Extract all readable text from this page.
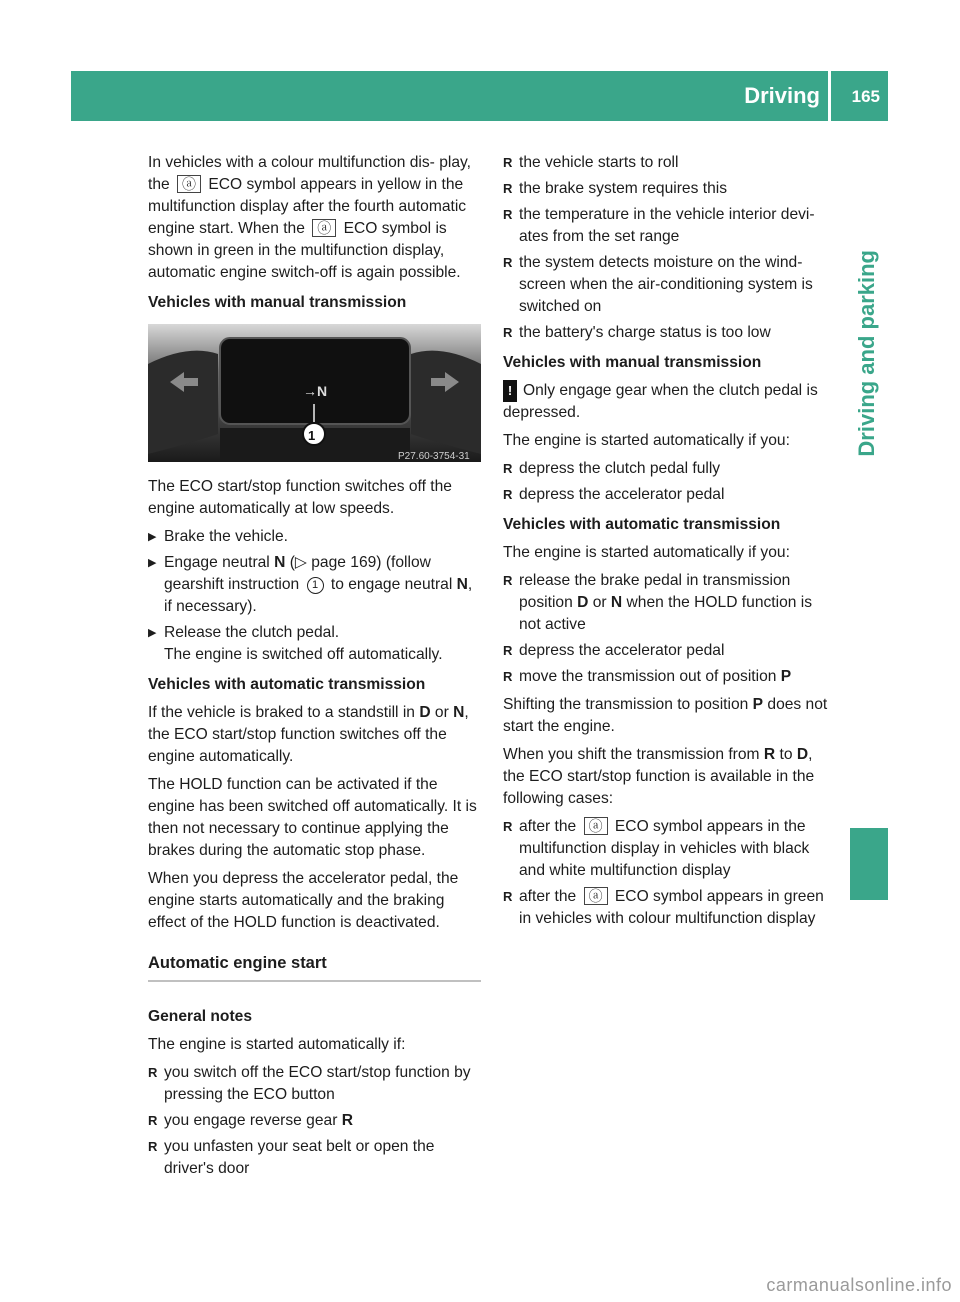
Driving 165
Driving and parking

In vehicles with a colour multifunction dis- play, the ⓐ ECO symbol appears in yellow in the multifunction display after the fourth automatic engine start. When the ⓐ ECO symbol is shown in green in the multifunction display, automatic engine switch-off is again possible.

Vehicles with manual transmission
→N
1
P27.60-3754-31

The ECO start/stop function switches off the engine automatically at low speeds.

▶ Brake the vehicle.
▶ Engage neutral N (▷ page 169) (follow gearshift instruction 1 to engage neutral N, if necessary).
▶ Release the clutch pedal.
The engine is switched off automatically.
Vehicles with automatic transmission

If the vehicle is braked to a standstill in D or N, the ECO start/stop function switches off the engine automatically.

The HOLD function can be activated if the engine has been switched off automatically. It is then not necessary to continue applying the brakes during the automatic stop phase.

When you depress the accelerator pedal, the engine starts automatically and the braking effect of the HOLD function is deactivated.

Automatic engine start
General notes

The engine is started automatically if:

R you switch off the ECO start/stop function by pressing the ECO button
R you engage reverse gear R
R you unfasten your seat belt or open the driver's door
R the vehicle starts to roll
R the brake system requires this
R the temperature in the vehicle interior devi- ates from the set range
R the system detects moisture on the wind- screen when the air-conditioning system is switched on
R the battery's charge status is too low
Vehicles with manual transmission

! Only engage gear when the clutch pedal is depressed.

The engine is started automatically if you:

R depress the clutch pedal fully
R depress the accelerator pedal
Vehicles with automatic transmission

The engine is started automatically if you:

R release the brake pedal in transmission position D or N when the HOLD function is not active
R depress the accelerator pedal
R move the transmission out of position P

Shifting the transmission to position P does not start the engine.

When you shift the transmission from R to D, the ECO start/stop function is available in the following cases:

R after the ⓐ ECO symbol appears in the multifunction display in vehicles with black and white multifunction display
R after the ⓐ ECO symbol appears in green in vehicles with colour multifunction display
carmanualsonline.info
